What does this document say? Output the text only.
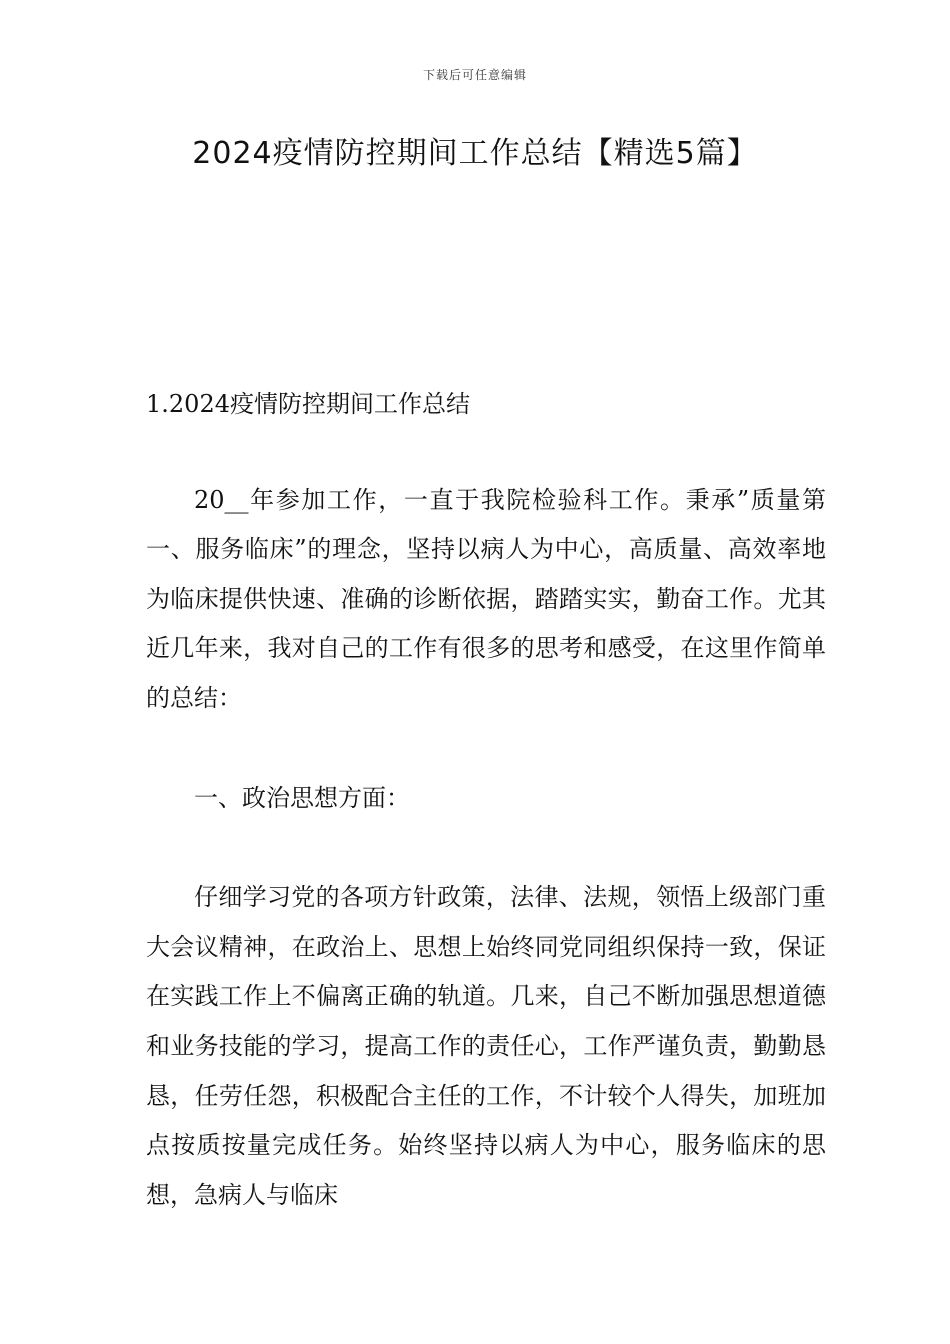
下载后可任意编辑
2024疫情防控期间工作总结【精选5篇】

1.2024疫情防控期间工作总结

20__年参加工作，一直于我院检验科工作。秉承”质量第一、服务临床”的理念，坚持以病人为中心，高质量、高效率地为临床提供快速、准确的诊断依据，踏踏实实，勤奋工作。尤其近几年来，我对自己的工作有很多的思考和感受，在这里作简单的总结：

一、政治思想方面：

仔细学习党的各项方针政策，法律、法规，领悟上级部门重大会议精神，在政治上、思想上始终同党同组织保持一致，保证在实践工作上不偏离正确的轨道。几来，自己不断加强思想道德和业务技能的学习，提高工作的责任心，工作严谨负责，勤勤恳恳，任劳任怨，积极配合主任的工作，不计较个人得失，加班加点按质按量完成任务。始终坚持以病人为中心，服务临床的思想，急病人与临床
